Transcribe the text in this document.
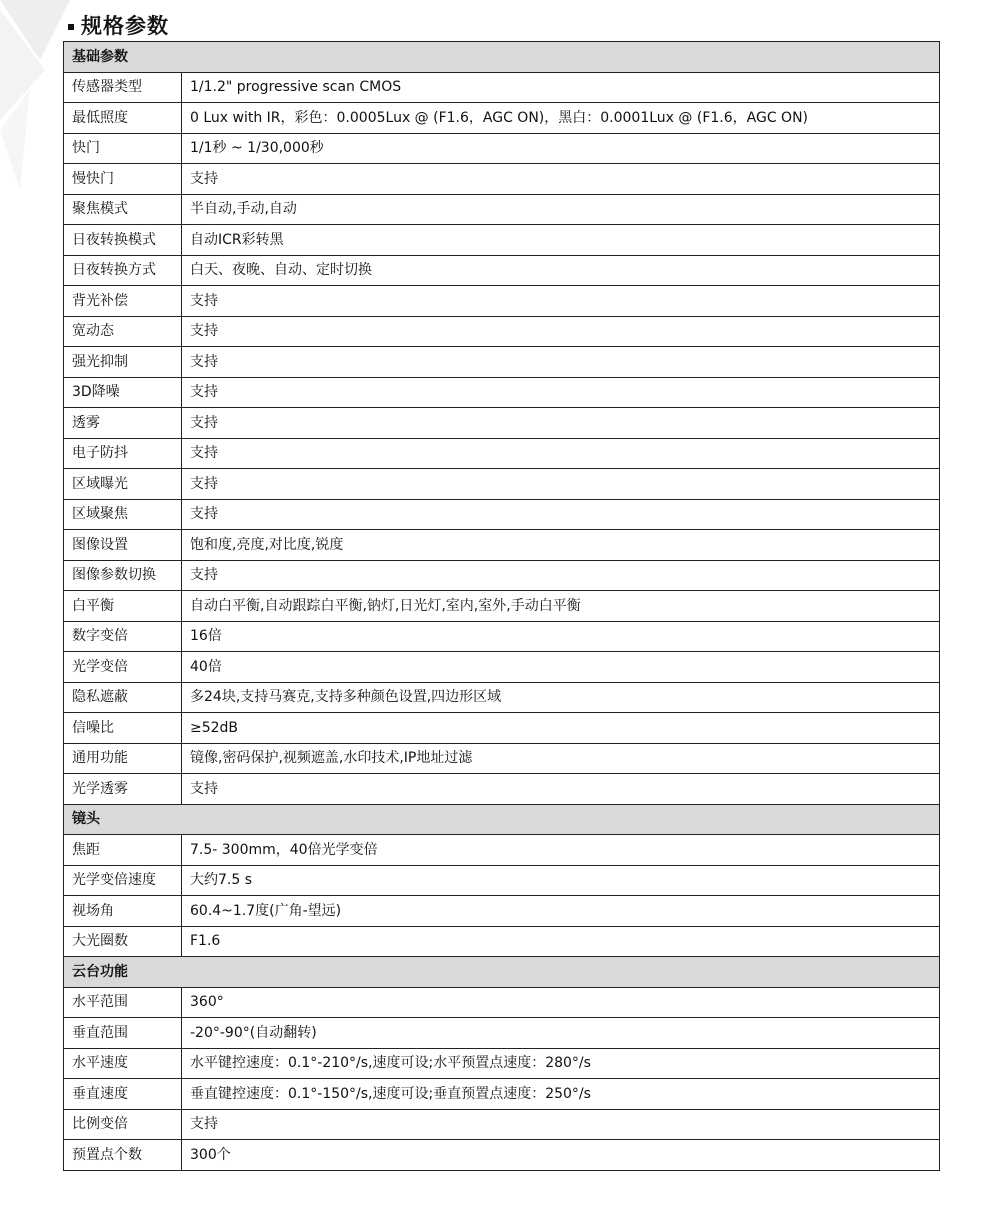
规格参数
基础参数	
传感器类型	1/1.2" progressive scan CMOS
最低照度	0 Lux with IR，彩色：0.0005Lux @ (F1.6，AGC ON)，黑白：0.0001Lux @ (F1.6，AGC ON)
快门	1/1秒 ~ 1/30,000秒
慢快门	支持
聚焦模式	半自动,手动,自动
日夜转换模式	自动ICR彩转黑
日夜转换方式	白天、夜晚、自动、定时切换
背光补偿	支持
宽动态	支持
强光抑制	支持
3D降噪	支持
透雾	支持
电子防抖	支持
区域曝光	支持
区域聚焦	支持
图像设置	饱和度,亮度,对比度,锐度
图像参数切换	支持
白平衡	自动白平衡,自动跟踪白平衡,钠灯,日光灯,室内,室外,手动白平衡
数字变倍	16倍
光学变倍	40倍
隐私遮蔽	多24块,支持马赛克,支持多种颜色设置,四边形区域
信噪比	≥52dB
通用功能	镜像,密码保护,视频遮盖,水印技术,IP地址过滤
光学透雾	支持
镜头	
焦距	7.5- 300mm，40倍光学变倍
光学变倍速度	大约7.5 s
视场角	60.4~1.7度(广角-望远)
大光圈数	F1.6
云台功能	
水平范围	360°
垂直范围	-20°-90°(自动翻转)
水平速度	水平键控速度：0.1°-210°/s,速度可设;水平预置点速度：280°/s
垂直速度	垂直键控速度：0.1°-150°/s,速度可设;垂直预置点速度：250°/s
比例变倍	支持
预置点个数	300个
